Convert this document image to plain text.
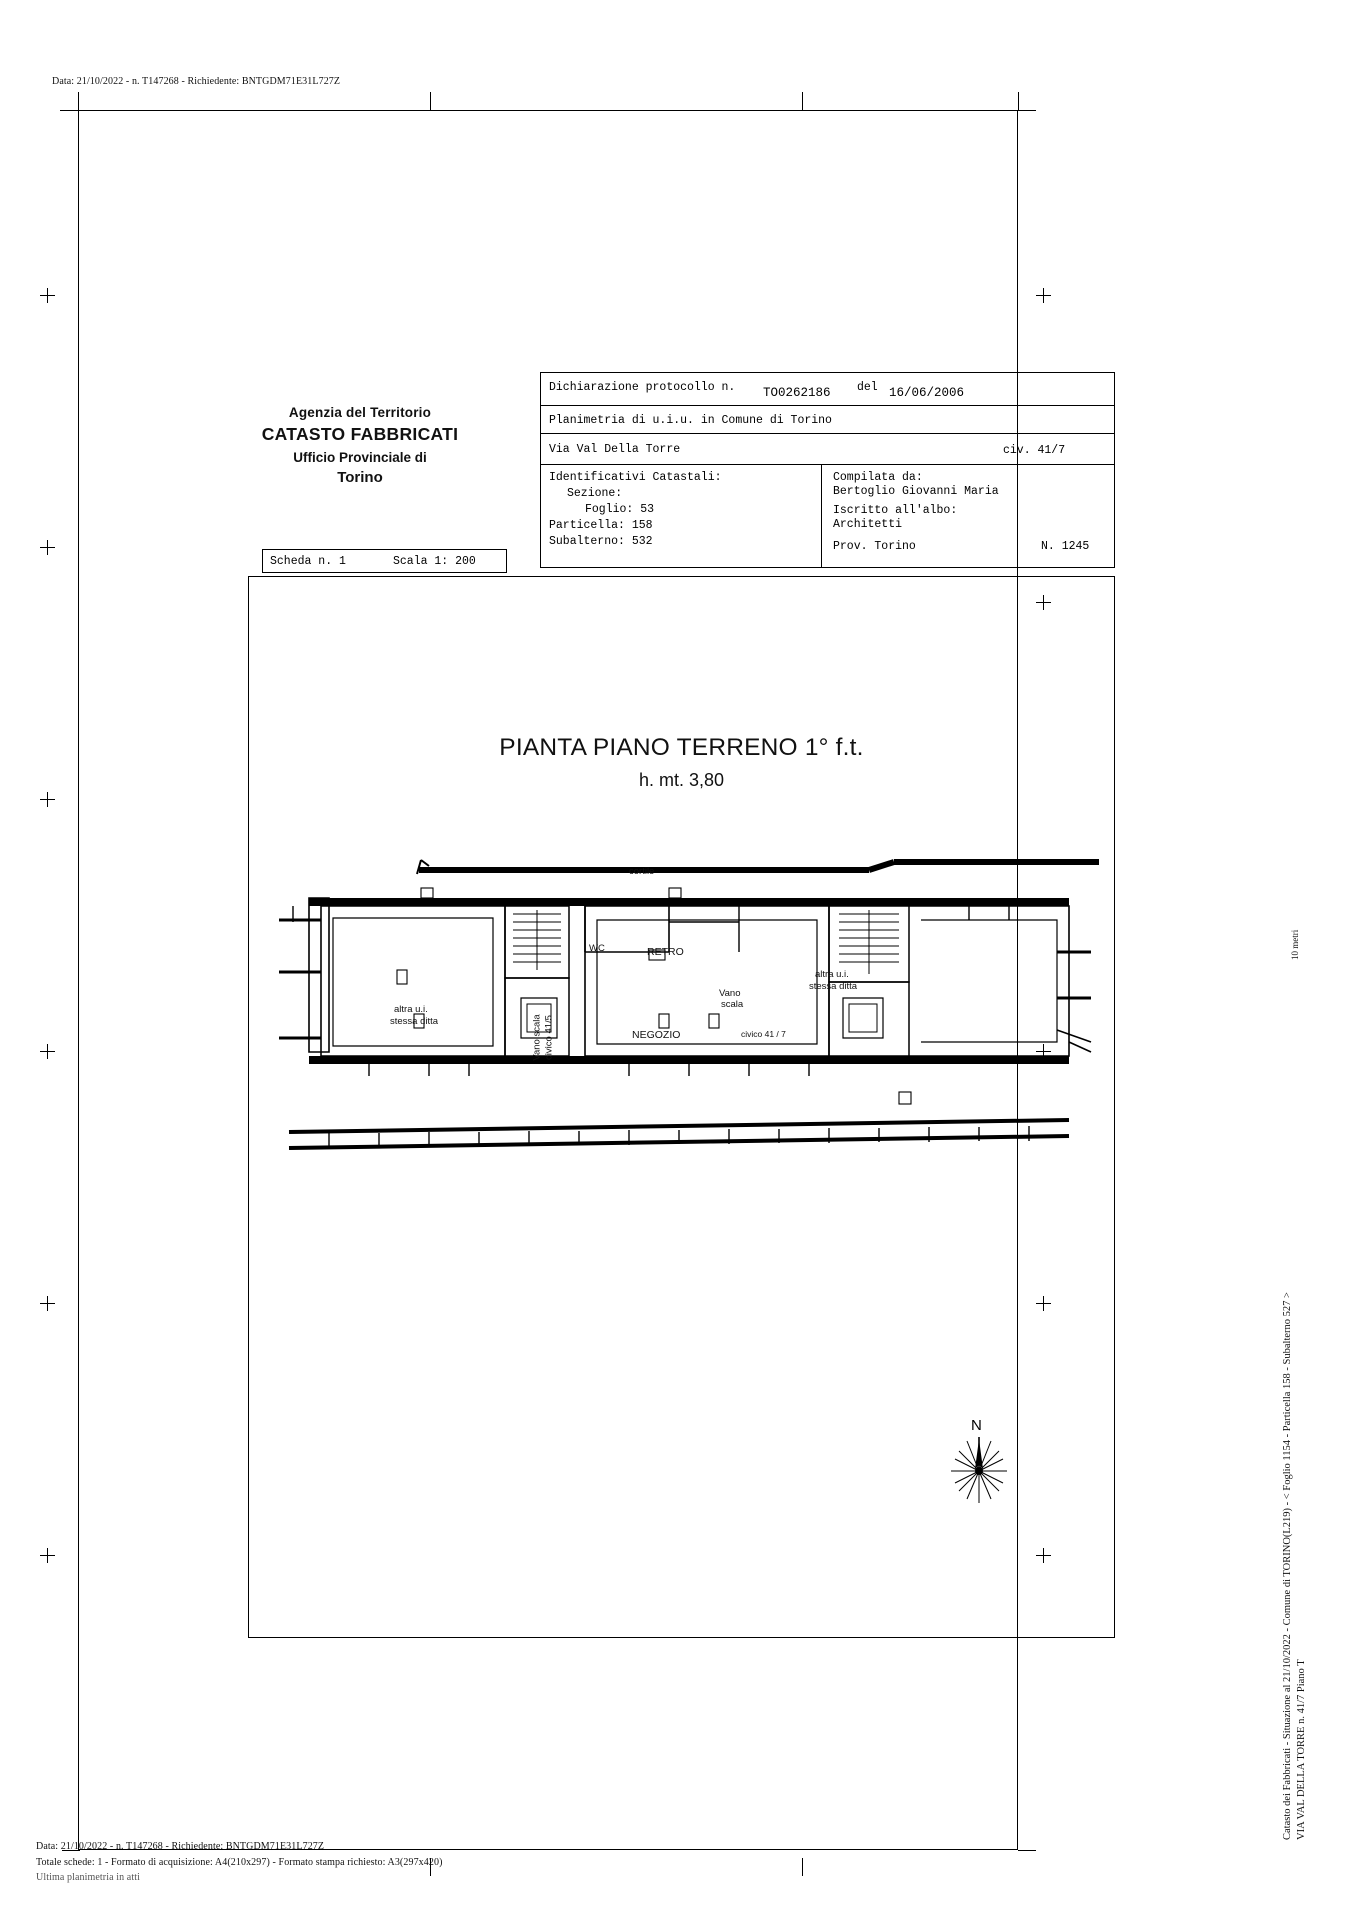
Data: 21/10/2022 - n. T147268 - Richiedente: BNTGDM71E31L727Z
Agenzia del Territorio
CATASTO FABBRICATI
Ufficio Provinciale di
Torino
Scheda n. 1	Scala 1: 200
Dichiarazione protocollo n. TO0262186 del 16/06/2006
Planimetria di u.i.u. in Comune di Torino
Via Val Della Torre	civ. 41/7
Identificativi Catastali:
Sezione:
Foglio: 53
Particella: 158
Subalterno: 532
Compilata da:
Bertoglio Giovanni Maria
Iscritto all'albo:
Architetti
Prov. Torino	N. 1245
PIANTA PIANO TERRENO 1° f.t.
h. mt. 3,80
cortile
WC	RETRO
NEGOZIO
altra u.i.
stessa ditta
altra u.i.
stessa ditta
Vano scala civico 41/5
Vano
scala
civico 41 / 7
N	Catasto dei Fabbricati - Situazione al 21/10/2022 - Comune di TORINO(L219) - < Foglio 1154 - Particella 158 - Subalterno 527 > VIA VAL DELLA TORRE n. 41/7 Piano T
10 metri
Data: 21/10/2022 - n. T147268 - Richiedente: BNTGDM71E31L727Z
Totale schede: 1 - Formato di acquisizione: A4(210x297) - Formato stampa richiesto: A3(297x420)
Ultima planimetria in atti
